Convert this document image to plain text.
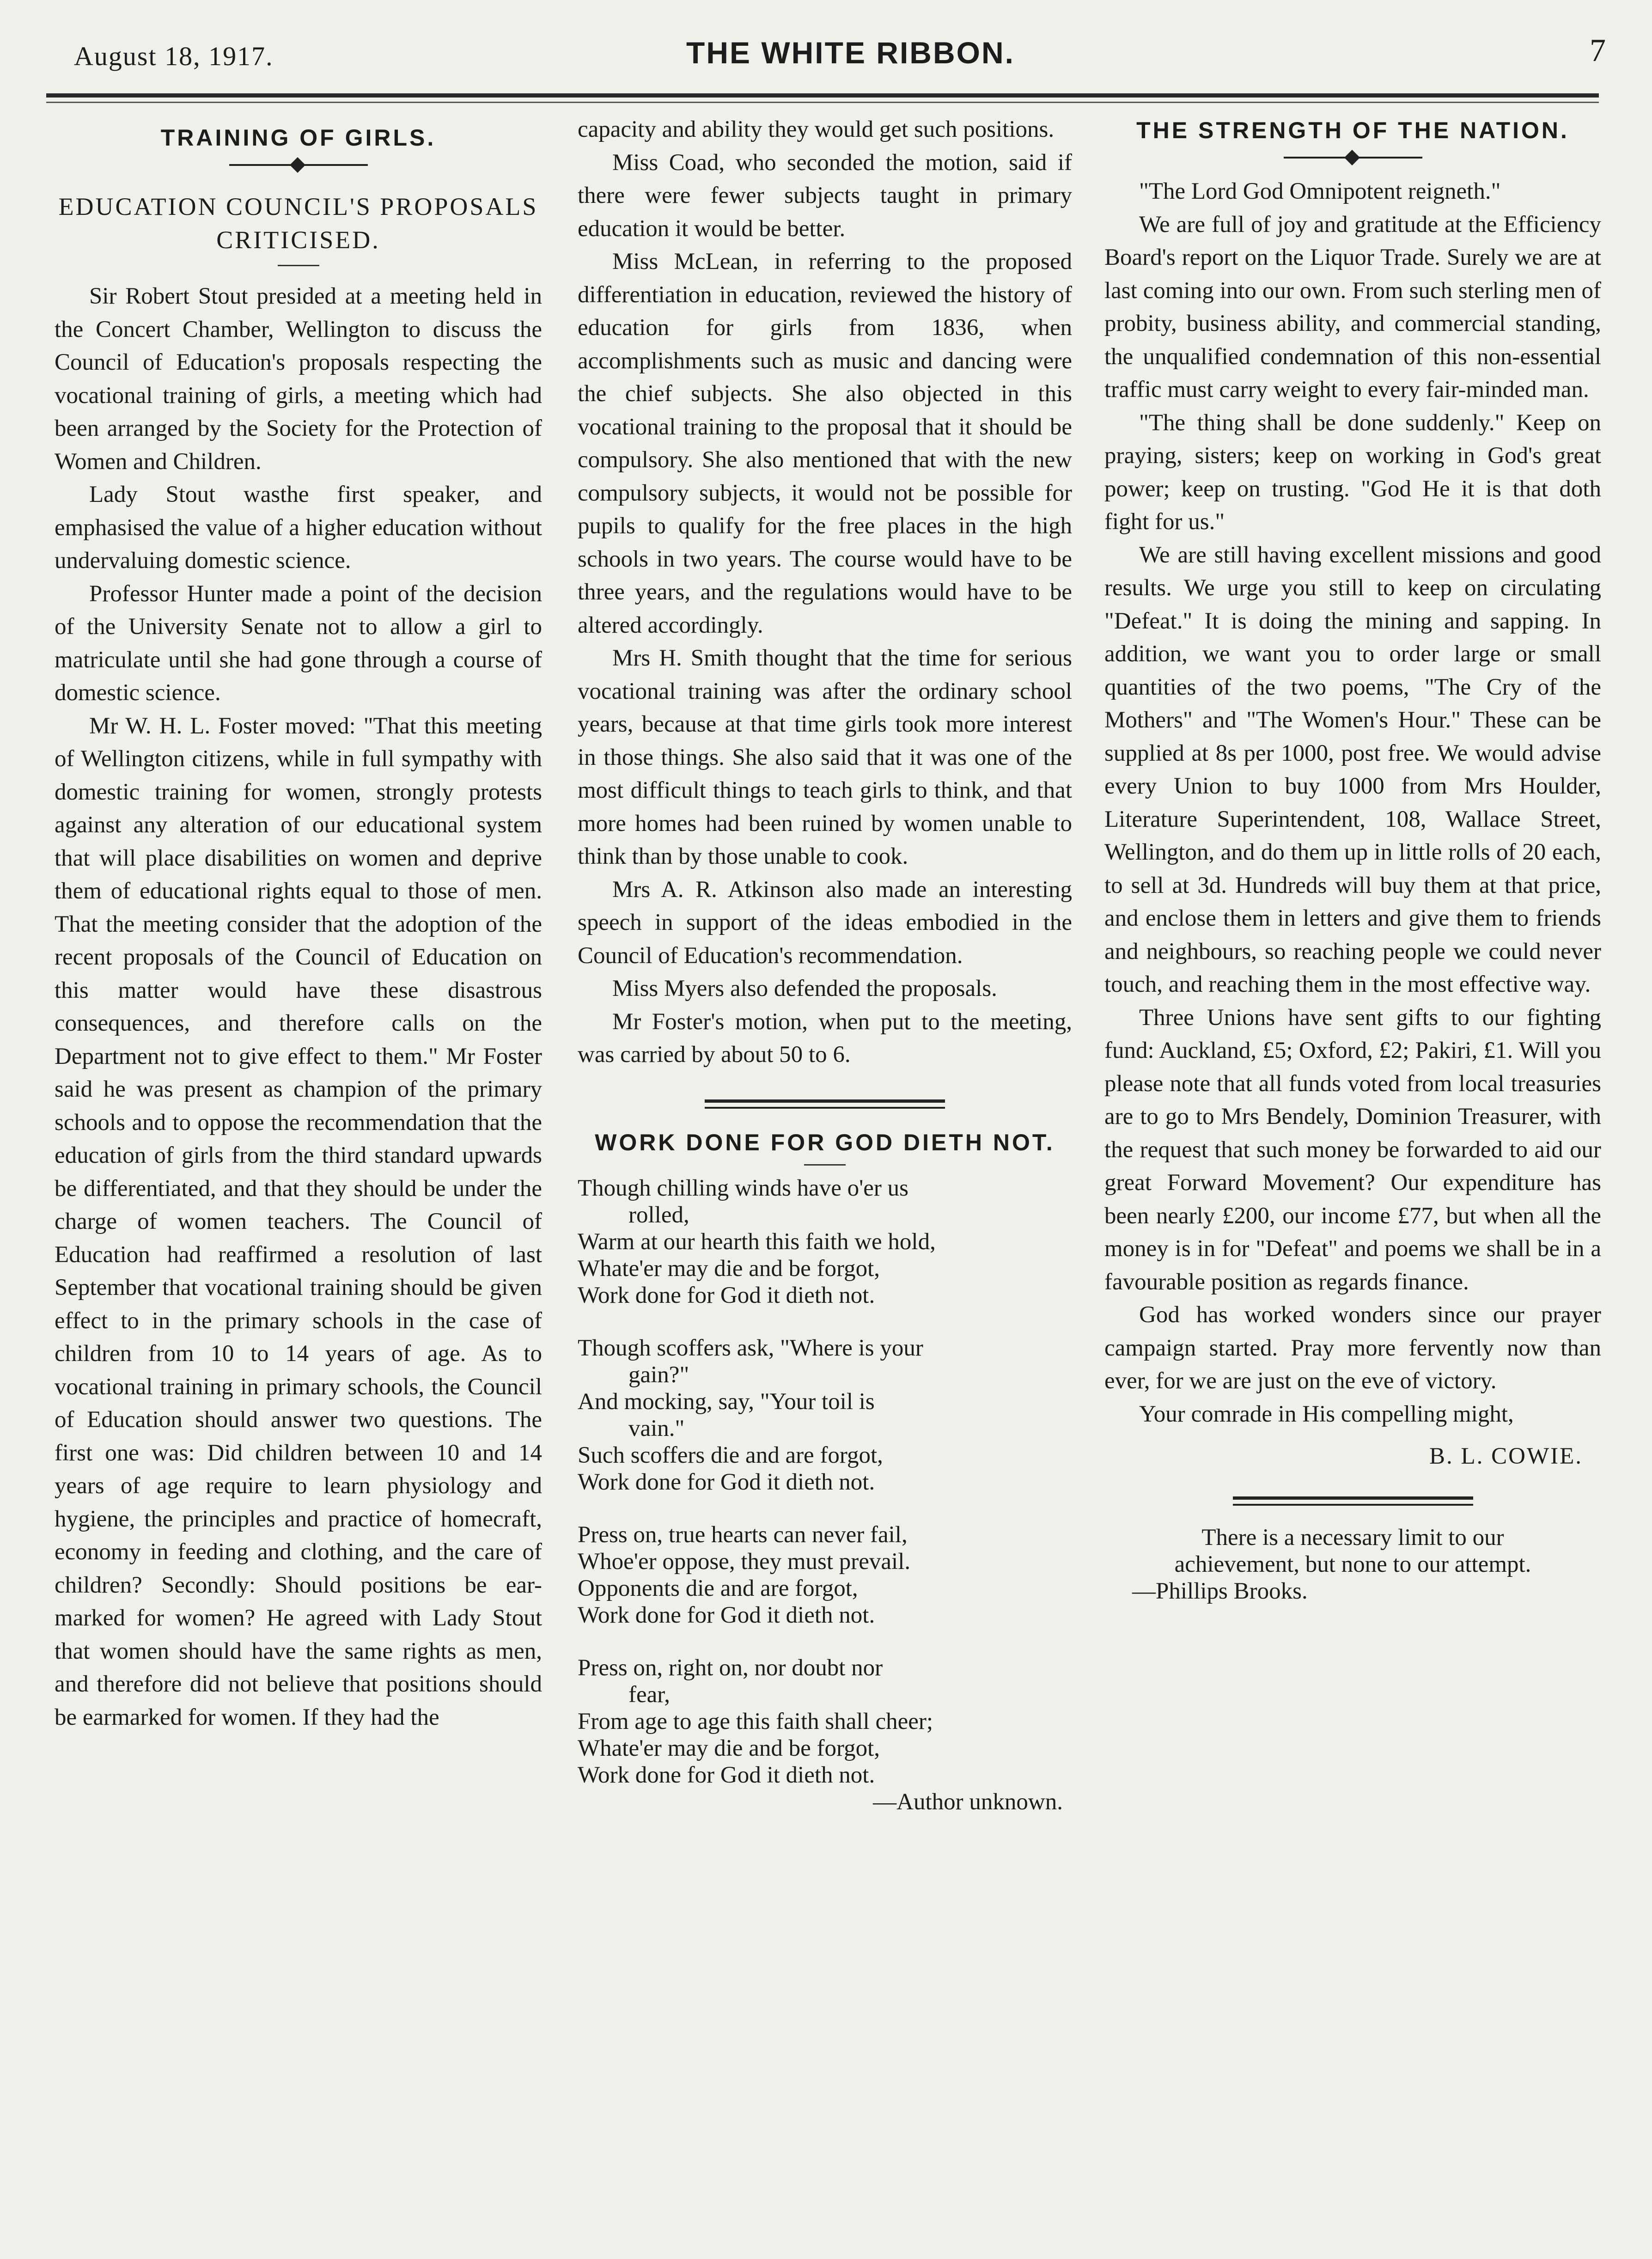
August 18, 1917.	THE WHITE RIBBON.	7
TRAINING OF GIRLS.
EDUCATION COUNCIL'S PROPOSALS CRITICISED.

Sir Robert Stout presided at a meeting held in the Concert Chamber, Wellington to discuss the Council of Education's proposals respecting the vocational training of girls, a meeting which had been arranged by the Society for the Protection of Women and Children.

Lady Stout wasthe first speaker, and emphasised the value of a higher education without undervaluing domestic science.

Professor Hunter made a point of the decision of the University Senate not to allow a girl to matriculate until she had gone through a course of domestic science.

Mr W. H. L. Foster moved: "That this meeting of Wellington citizens, while in full sympathy with domestic training for women, strongly protests against any alteration of our educational system that will place disabilities on women and deprive them of educational rights equal to those of men. That the meeting consider that the adoption of the recent proposals of the Council of Education on this matter would have these disastrous consequences, and therefore calls on the Department not to give effect to them." Mr Foster said he was present as champion of the primary schools and to oppose the recommendation that the education of girls from the third standard upwards be differentiated, and that they should be under the charge of women teachers. The Council of Education had reaffirmed a resolution of last September that vocational training should be given effect to in the primary schools in the case of children from 10 to 14 years of age. As to vocational training in primary schools, the Council of Education should answer two questions. The first one was: Did children between 10 and 14 years of age require to learn physiology and hygiene, the principles and practice of homecraft, economy in feeding and clothing, and the care of children? Secondly: Should positions be ear-marked for women? He agreed with Lady Stout that women should have the same rights as men, and therefore did not believe that positions should be earmarked for women. If they had the

capacity and ability they would get such positions.

Miss Coad, who seconded the motion, said if there were fewer subjects taught in primary education it would be better.

Miss McLean, in referring to the proposed differentiation in education, reviewed the history of education for girls from 1836, when accomplishments such as music and dancing were the chief subjects. She also objected in this vocational training to the proposal that it should be compulsory. She also mentioned that with the new compulsory subjects, it would not be possible for pupils to qualify for the free places in the high schools in two years. The course would have to be three years, and the regulations would have to be altered accordingly.

Mrs H. Smith thought that the time for serious vocational training was after the ordinary school years, because at that time girls took more interest in those things. She also said that it was one of the most difficult things to teach girls to think, and that more homes had been ruined by women unable to think than by those unable to cook.

Mrs A. R. Atkinson also made an interesting speech in support of the ideas embodied in the Council of Education's recommendation.

Miss Myers also defended the proposals.

Mr Foster's motion, when put to the meeting, was carried by about 50 to 6.

WORK DONE FOR GOD DIETH NOT.
Though chilling winds have o'er us
rolled,
Warm at our hearth this faith we hold,
Whate'er may die and be forgot,
Work done for God it dieth not.
Though scoffers ask, "Where is your
gain?"
And mocking, say, "Your toil is
vain."
Such scoffers die and are forgot,
Work done for God it dieth not.
Press on, true hearts can never fail,
Whoe'er oppose, they must prevail.
Opponents die and are forgot,
Work done for God it dieth not.
Press on, right on, nor doubt nor
fear,
From age to age this faith shall cheer;
Whate'er may die and be forgot,
Work done for God it dieth not.
—Author unknown.
THE STRENGTH OF THE NATION.

"The Lord God Omnipotent reigneth."

We are full of joy and gratitude at the Efficiency Board's report on the Liquor Trade. Surely we are at last coming into our own. From such sterling men of probity, business ability, and commercial standing, the unqualified condemnation of this non-essential traffic must carry weight to every fair-minded man.

"The thing shall be done suddenly." Keep on praying, sisters; keep on working in God's great power; keep on trusting. "God He it is that doth fight for us."

We are still having excellent missions and good results. We urge you still to keep on circulating "Defeat." It is doing the mining and sapping. In addition, we want you to order large or small quantities of the two poems, "The Cry of the Mothers" and "The Women's Hour." These can be supplied at 8s per 1000, post free. We would advise every Union to buy 1000 from Mrs Houlder, Literature Superintendent, 108, Wallace Street, Wellington, and do them up in little rolls of 20 each, to sell at 3d. Hundreds will buy them at that price, and enclose them in letters and give them to friends and neighbours, so reaching people we could never touch, and reaching them in the most effective way.

Three Unions have sent gifts to our fighting fund: Auckland, £5; Oxford, £2; Pakiri, £1. Will you please note that all funds voted from local treasuries are to go to Mrs Bendely, Dominion Treasurer, with the request that such money be forwarded to aid our great Forward Movement? Our expenditure has been nearly £200, our income £77, but when all the money is in for "Defeat" and poems we shall be in a favourable position as regards finance.

God has worked wonders since our prayer campaign started. Pray more fervently now than ever, for we are just on the eve of victory.

Your comrade in His compelling might,

B. L. COWIE.
There is a necessary limit to our
achievement, but none to our attempt.
—Phillips Brooks.
